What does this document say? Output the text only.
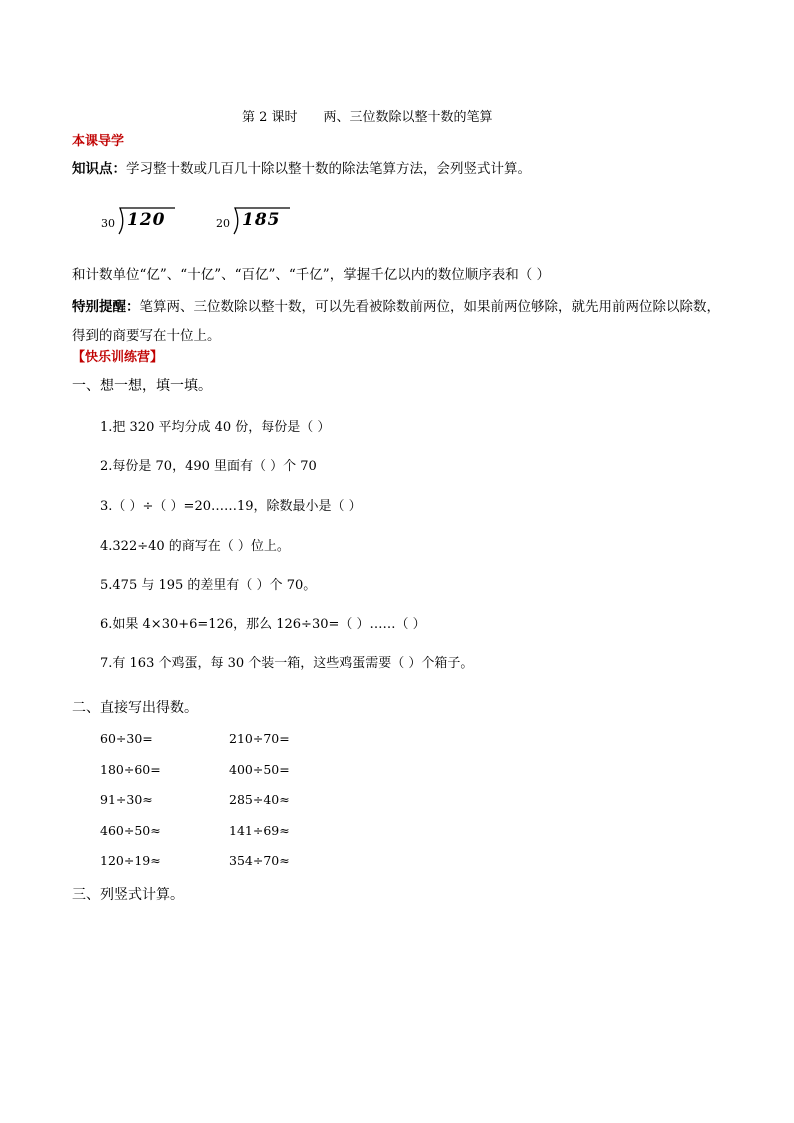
第 2 课时 两、三位数除以整十数的笔算
本课导学
知识点：学习整十数或几百几十除以整十数的除法笔算方法，会列竖式计算。
30 120	20 185
和计数单位“亿”、“十亿”、“百亿”、“千亿”，掌握千亿以内的数位顺序表和（ ）
特别提醒：笔算两、三位数除以整十数，可以先看被除数前两位，如果前两位够除，就先用前两位除以除数，得到的商要写在十位上。
【快乐训练营】
一、想一想，填一填。
1.把 320 平均分成 40 份，每份是（ ）
2.每份是 70，490 里面有（ ）个 70
3.（ ）÷（ ）=20……19，除数最小是（ ）
4.322÷40 的商写在（ ）位上。
5.475 与 195 的差里有（ ）个 70。
6.如果 4×30+6=126，那么 126÷30=（ ）……（ ）
7.有 163 个鸡蛋，每 30 个装一箱，这些鸡蛋需要（ ）个箱子。
二、直接写出得数。
60÷30=	210÷70=
180÷60=	400÷50=
91÷30≈	285÷40≈
460÷50≈	141÷69≈
120÷19≈	354÷70≈
三、列竖式计算。
